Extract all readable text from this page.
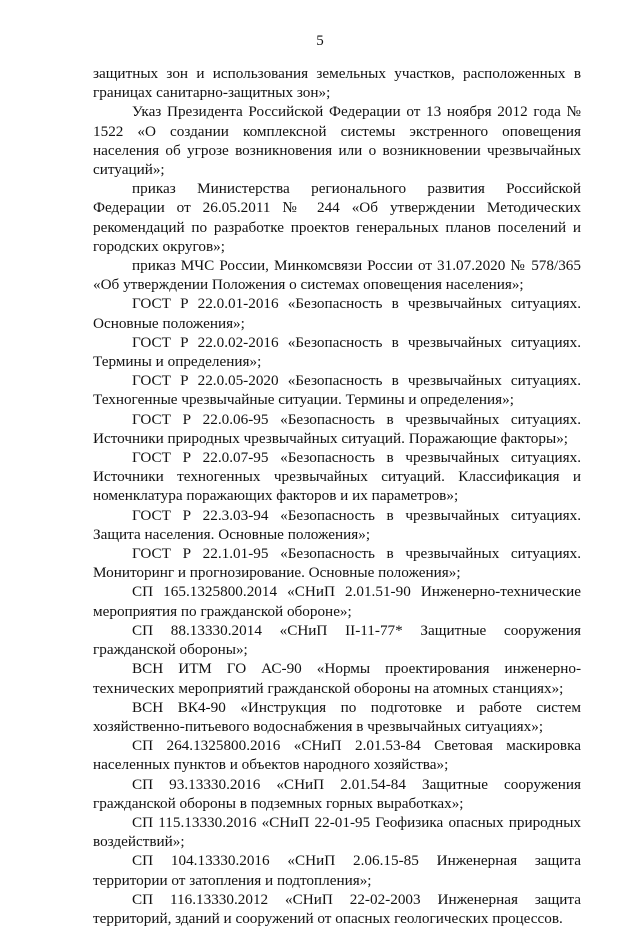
5

защитных зон и использования земельных участков, расположенных в границах санитарно-защитных зон»;

Указ Президента Российской Федерации от 13 ноября 2012 года № 1522 «О создании комплексной системы экстренного оповещения населения об угрозе возникновения или о возникновении чрезвычайных ситуаций»;

приказ Министерства регионального развития Российской Федерации от 26.05.2011 № 244 «Об утверждении Методических рекомендаций по разработке проектов генеральных планов поселений и городских округов»;

приказ МЧС России, Минкомсвязи России от 31.07.2020 № 578/365 «Об утверждении Положения о системах оповещения населения»;

ГОСТ Р 22.0.01-2016 «Безопасность в чрезвычайных ситуациях. Основные положения»;

ГОСТ Р 22.0.02-2016 «Безопасность в чрезвычайных ситуациях. Термины и определения»;

ГОСТ Р 22.0.05-2020 «Безопасность в чрезвычайных ситуациях. Техногенные чрезвычайные ситуации. Термины и определения»;

ГОСТ Р 22.0.06-95 «Безопасность в чрезвычайных ситуациях. Источники природных чрезвычайных ситуаций. Поражающие факторы»;

ГОСТ Р 22.0.07-95 «Безопасность в чрезвычайных ситуациях. Источники техногенных чрезвычайных ситуаций. Классификация и номенклатура поражающих факторов и их параметров»;

ГОСТ Р 22.3.03-94 «Безопасность в чрезвычайных ситуациях. Защита населения. Основные положения»;

ГОСТ Р 22.1.01-95 «Безопасность в чрезвычайных ситуациях. Мониторинг и прогнозирование. Основные положения»;

СП 165.1325800.2014 «СНиП 2.01.51-90 Инженерно-технические мероприятия по гражданской обороне»;

СП 88.13330.2014 «СНиП II-11-77* Защитные сооружения гражданской обороны»;

ВСН ИТМ ГО АС-90 «Нормы проектирования инженерно-технических мероприятий гражданской обороны на атомных станциях»;

ВСН ВК4-90 «Инструкция по подготовке и работе систем хозяйственно-питьевого водоснабжения в чрезвычайных ситуациях»;

СП 264.1325800.2016 «СНиП 2.01.53-84 Световая маскировка населенных пунктов и объектов народного хозяйства»;

СП 93.13330.2016 «СНиП 2.01.54-84 Защитные сооружения гражданской обороны в подземных горных выработках»;

СП 115.13330.2016 «СНиП 22-01-95 Геофизика опасных природных воздействий»;

СП 104.13330.2016 «СНиП 2.06.15-85 Инженерная защита территории от затопления и подтопления»;

СП 116.13330.2012 «СНиП 22-02-2003 Инженерная защита территорий, зданий и сооружений от опасных геологических процессов.
